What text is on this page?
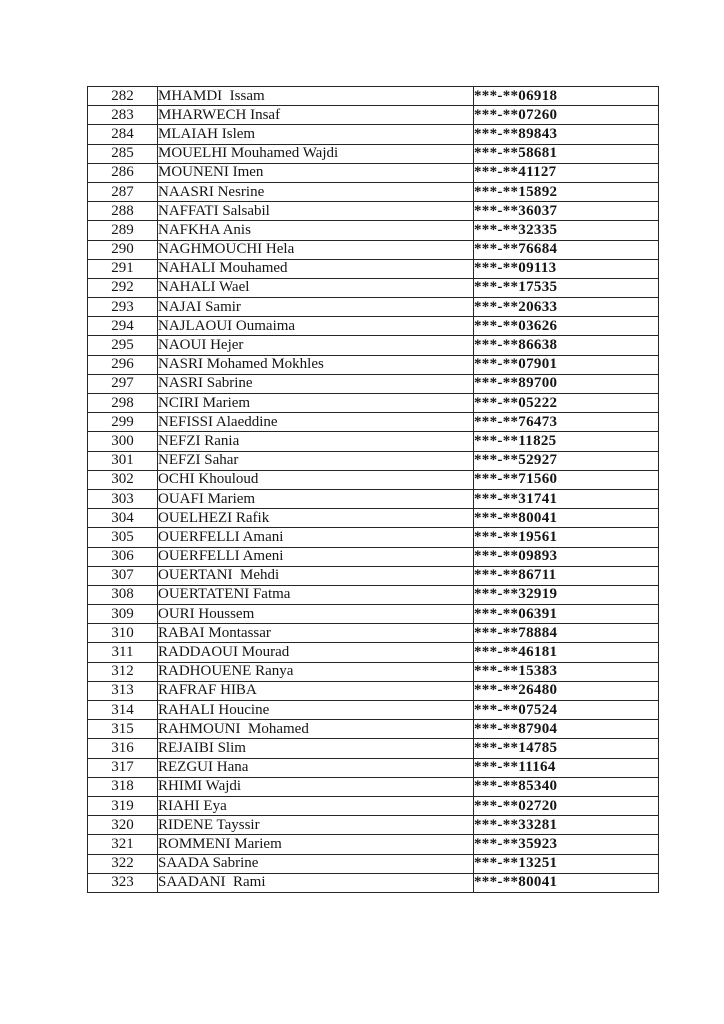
282	MHAMDI  Issam	***-**06918
283	MHARWECH Insaf	***-**07260
284	MLAIAH Islem	***-**89843
285	MOUELHI Mouhamed Wajdi	***-**58681
286	MOUNENI Imen	***-**41127
287	NAASRI Nesrine	***-**15892
288	NAFFATI Salsabil	***-**36037
289	NAFKHA Anis	***-**32335
290	NAGHMOUCHI Hela	***-**76684
291	NAHALI Mouhamed	***-**09113
292	NAHALI Wael	***-**17535
293	NAJAI Samir	***-**20633
294	NAJLAOUI Oumaima	***-**03626
295	NAOUI Hejer	***-**86638
296	NASRI Mohamed Mokhles	***-**07901
297	NASRI Sabrine	***-**89700
298	NCIRI Mariem	***-**05222
299	NEFISSI Alaeddine	***-**76473
300	NEFZI Rania	***-**11825
301	NEFZI Sahar	***-**52927
302	OCHI Khouloud	***-**71560
303	OUAFI Mariem	***-**31741
304	OUELHEZI Rafik	***-**80041
305	OUERFELLI Amani	***-**19561
306	OUERFELLI Ameni	***-**09893
307	OUERTANI  Mehdi	***-**86711
308	OUERTATENI Fatma	***-**32919
309	OURI Houssem	***-**06391
310	RABAI Montassar	***-**78884
311	RADDAOUI Mourad	***-**46181
312	RADHOUENE Ranya	***-**15383
313	RAFRAF HIBA	***-**26480
314	RAHALI Houcine	***-**07524
315	RAHMOUNI  Mohamed	***-**87904
316	REJAIBI Slim	***-**14785
317	REZGUI Hana	***-**11164
318	RHIMI Wajdi	***-**85340
319	RIAHI Eya	***-**02720
320	RIDENE Tayssir	***-**33281
321	ROMMENI Mariem	***-**35923
322	SAADA Sabrine	***-**13251
323	SAADANI  Rami	***-**80041
